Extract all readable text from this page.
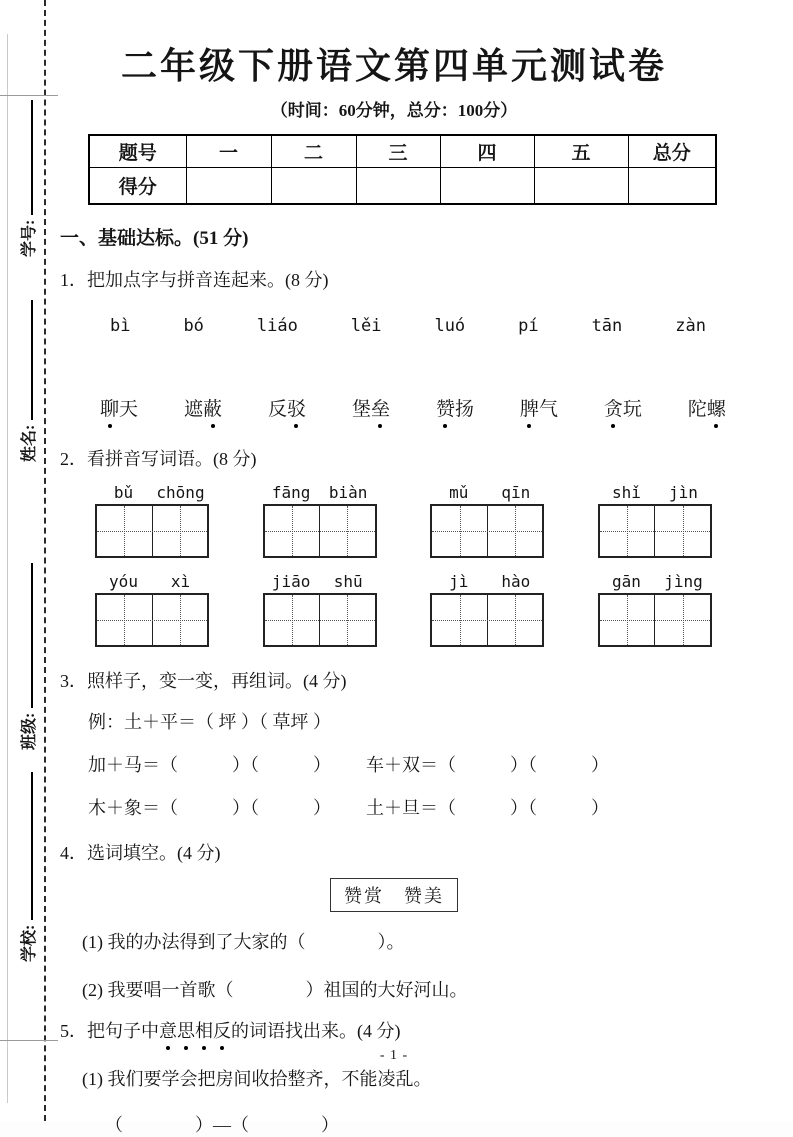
学号:
姓名:
班级:
学校:
二年级下册语文第四单元测试卷
（时间：60分钟，总分：100分）
题号	一	二	三	四	五	总分
得分						
一、基础达标。(51 分)
1．把加点字与拼音连起来。(8 分)
bì	bó	liáo	lěi	luó	pí	tān	zàn
聊天 遮蔽 反驳 堡垒 赞扬 脾气 贪玩 陀螺
2．看拼音写词语。(8 分)
bǔ	chōng	fāng	biàn	mǔ	qīn	shǐ	jìn
yóu	xì	jiāo	shū	jì	hào	gān	jìng
3．照样子，变一变，再组词。(4 分)
例：土＋平＝（ 坪 ）（ 草坪 ）
加＋马＝（　　　）（　　　）	车＋双＝（　　　）（　　　）
木＋象＝（　　　）（　　　）	土＋旦＝（　　　）（　　　）
4．选词填空。(4 分)
赞赏　赞美
(1) 我的办法得到了大家的（　　　　）。
(2) 我要唱一首歌（　　　　）祖国的大好河山。
5．把句子中意思相反的词语找出来。(4 分)
(1) 我们要学会把房间收拾整齐，不能凌乱。
（　　　　）—（　　　　）
- 1 -
